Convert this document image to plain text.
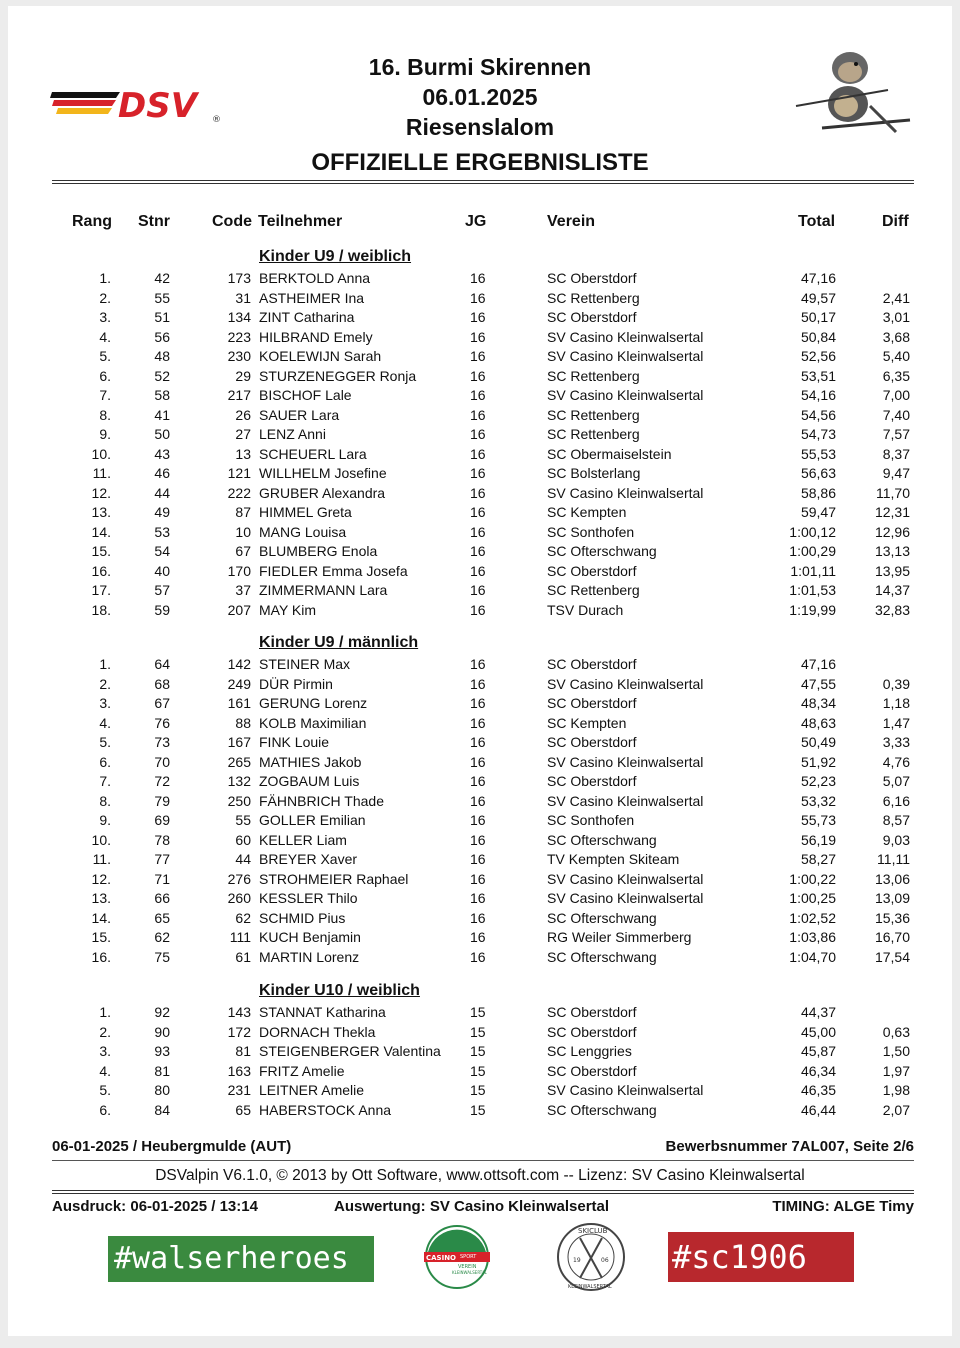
DSV ®
16. Burmi Skirennen
06.01.2025
Riesenslalom
OFFIZIELLE ERGEBNISLISTE
Rang Stnr	Code Teilnehmer	JG	Verein	Total	Diff
Kinder U9 / weiblich
1.	42	173 BERKTOLD Anna	16	SC Oberstdorf	47,16
2.	55	31 ASTHEIMER Ina	16	SC Rettenberg	49,57	2,41
3.	51	134 ZINT Catharina	16	SC Oberstdorf	50,17	3,01
4.	56	223 HILBRAND Emely	16	SV Casino Kleinwalsertal	50,84	3,68
5.	48	230 KOELEWIJN Sarah	16	SV Casino Kleinwalsertal	52,56	5,40
6.	52	29 STURZENEGGER Ronja	16	SC Rettenberg	53,51	6,35
7.	58	217 BISCHOF Lale	16	SV Casino Kleinwalsertal	54,16	7,00
8.	41	26 SAUER Lara	16	SC Rettenberg	54,56	7,40
9.	50	27 LENZ Anni	16	SC Rettenberg	54,73	7,57
10.	43	13 SCHEUERL Lara	16	SC Obermaiselstein	55,53	8,37
11.	46	121 WILLHELM Josefine	16	SC Bolsterlang	56,63	9,47
12.	44	222 GRUBER Alexandra	16	SV Casino Kleinwalsertal	58,86	11,70
13.	49	87 HIMMEL Greta	16	SC Kempten	59,47	12,31
14.	53	10 MANG Louisa	16	SC Sonthofen	1:00,12	12,96
15.	54	67 BLUMBERG Enola	16	SC Ofterschwang	1:00,29	13,13
16.	40	170 FIEDLER Emma Josefa	16	SC Oberstdorf	1:01,11	13,95
17.	57	37 ZIMMERMANN Lara	16	SC Rettenberg	1:01,53	14,37
18.	59	207 MAY Kim	16	TSV Durach	1:19,99	32,83
Kinder U9 / männlich
1.	64	142 STEINER Max	16	SC Oberstdorf	47,16
2.	68	249 DÜR Pirmin	16	SV Casino Kleinwalsertal	47,55	0,39
3.	67	161 GERUNG Lorenz	16	SC Oberstdorf	48,34	1,18
4.	76	88 KOLB Maximilian	16	SC Kempten	48,63	1,47
5.	73	167 FINK Louie	16	SC Oberstdorf	50,49	3,33
6.	70	265 MATHIES Jakob	16	SV Casino Kleinwalsertal	51,92	4,76
7.	72	132 ZOGBAUM Luis	16	SC Oberstdorf	52,23	5,07
8.	79	250 FÄHNBRICH Thade	16	SV Casino Kleinwalsertal	53,32	6,16
9.	69	55 GOLLER Emilian	16	SC Sonthofen	55,73	8,57
10.	78	60 KELLER Liam	16	SC Ofterschwang	56,19	9,03
11.	77	44 BREYER Xaver	16	TV Kempten Skiteam	58,27	11,11
12.	71	276 STROHMEIER Raphael	16	SV Casino Kleinwalsertal	1:00,22	13,06
13.	66	260 KESSLER Thilo	16	SV Casino Kleinwalsertal	1:00,25	13,09
14.	65	62 SCHMID Pius	16	SC Ofterschwang	1:02,52	15,36
15.	62	111 KUCH Benjamin	16	RG Weiler Simmerberg	1:03,86	16,70
16.	75	61 MARTIN Lorenz	16	SC Ofterschwang	1:04,70	17,54
Kinder U10 / weiblich
1.	92	143 STANNAT Katharina	15	SC Oberstdorf	44,37
2.	90	172 DORNACH Thekla	15	SC Oberstdorf	45,00	0,63
3.	93	81 STEIGENBERGER Valentina 15	SC Lenggries	45,87	1,50
4.	81	163 FRITZ Amelie	15	SC Oberstdorf	46,34	1,97
5.	80	231 LEITNER Amelie	15	SV Casino Kleinwalsertal	46,35	1,98
6.	84	65 HABERSTOCK Anna	15	SC Ofterschwang	46,44	2,07
06-01-2025 / Heubergmulde (AUT)	Bewerbsnummer 7AL007, Seite 2/6
DSValpin V6.1.0, © 2013 by Ott Software, www.ottsoft.com -- Lizenz: SV Casino Kleinwalsertal
Ausdruck: 06-01-2025 / 13:14	Auswertung: SV Casino Kleinwalsertal	TIMING: ALGE Timy
#walserheroes	CASINO SPORT
VEREIN
KLEINWALSERTAL
SKICLUB
19	06
KLEINWALSERTAL
#sc1906
